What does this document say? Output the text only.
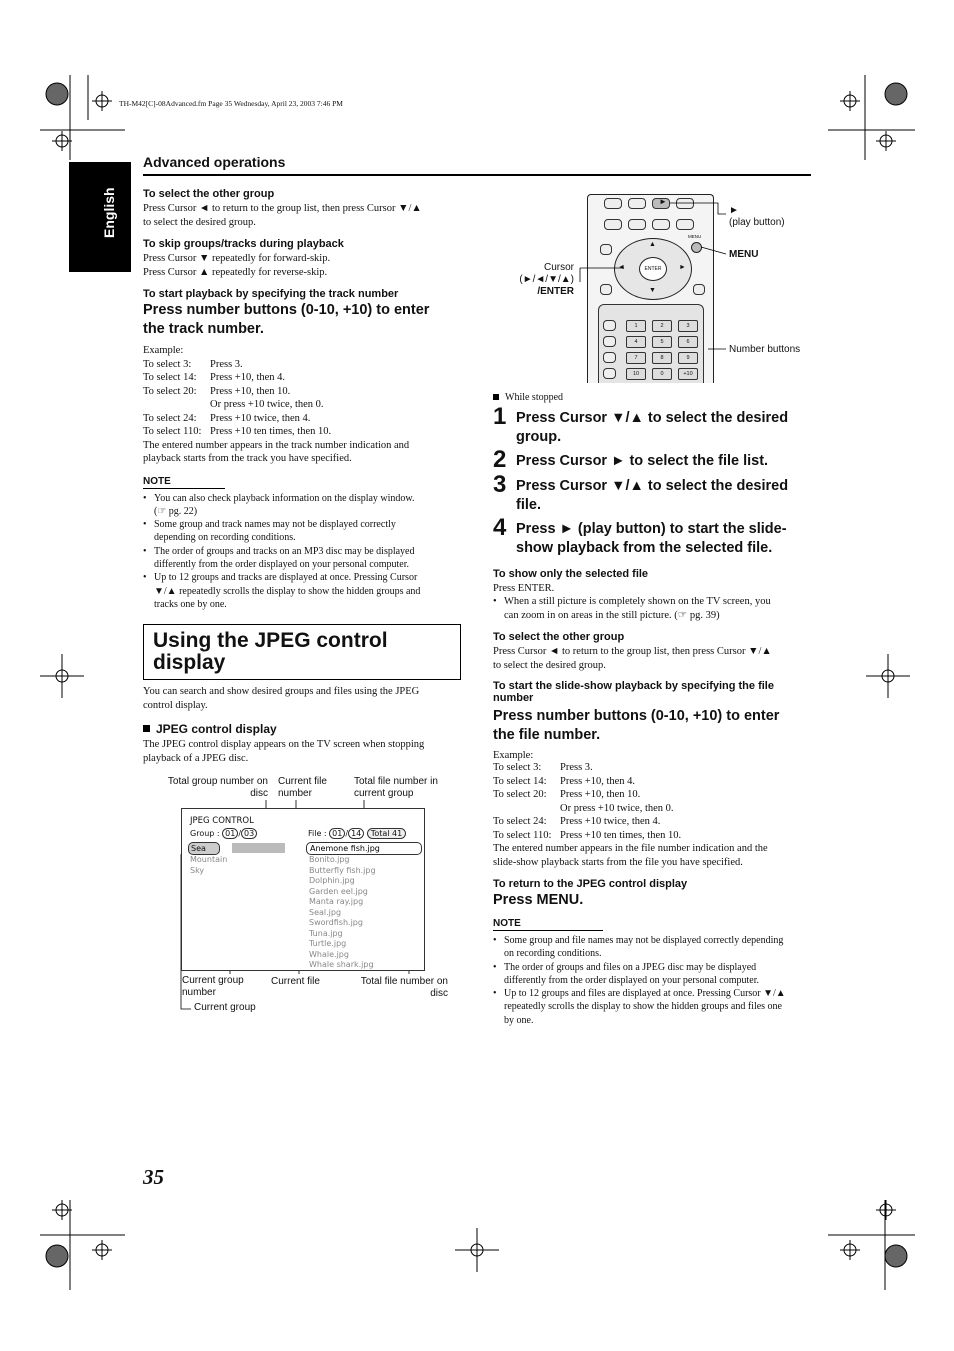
TH-M42[C]-08Advanced.fm Page 35 Wednesday, April 23, 2003 7:46 PM
English
Advanced operations
To select the other group
Press Cursor ◄ to return to the group list, then press Cursor ▼/▲
to select the desired group.
To skip groups/tracks during playback
Press Cursor ▼ repeatedly for forward-skip.
Press Cursor ▲ repeatedly for reverse-skip.
To start playback by specifying the track number
Press number buttons (0-10, +10) to enter
the track number.
Example:
To select 3: Press 3.
To select 14: Press +10, then 4.
To select 20: Press +10, then 10.
Or press +10 twice, then 0.
To select 24: Press +10 twice, then 4.
To select 110: Press +10 ten times, then 10.
The entered number appears in the track number indication and
playback starts from the track you have specified.
NOTE
• You can also check playback information on the display window.
(☞ pg. 22)
• Some group and track names may not be displayed correctly
depending on recording conditions.
• The order of groups and tracks on an MP3 disc may be displayed
differently from the order displayed on your personal computer.
• Up to 12 groups and tracks are displayed at once. Pressing Cursor
▼/▲ repeatedly scrolls the display to show the hidden groups and
tracks one by one.
Using the JPEG control
display
You can search and show desired groups and files using the JPEG
control display.
JPEG control display
The JPEG control display appears on the TV screen when stopping
playback of a JPEG disc.
Total group number on
disc
Current file
number
Total file number in
current group
JPEG CONTROL
Group : 01 / 03	File : 01 / 14 Total 41
Sea
Mountain
Sky
Anemone fish.jpg
Bonito.jpg
Butterfly fish.jpg
Dolphin.jpg
Garden eel.jpg
Manta ray.jpg
Seal.jpg
Swordfish.jpg
Tuna.jpg
Turtle.jpg
Whale.jpg
Whale shark.jpg
Current group
number
Current file	Total file number on
disc
Current group
►
ENTER
▲
▼
◄	►
MENU
1	2	3
4	5	6
7	8	9
10	0	+10
►
(play button)
MENU
Cursor
(►/◄/▼/▲)
/ENTER
Number buttons
While stopped
1 Press Cursor ▼/▲ to select the desired
group.
2 Press Cursor ► to select the file list.
3 Press Cursor ▼/▲ to select the desired
file.
4 Press ► (play button) to start the slide-
show playback from the selected file.
To show only the selected file
Press ENTER.
• When a still picture is completely shown on the TV screen, you
can zoom in on areas in the still picture. (☞ pg. 39)
To select the other group
Press Cursor ◄ to return to the group list, then press Cursor ▼/▲
to select the desired group.
To start the slide-show playback by specifying the file
number
Press number buttons (0-10, +10) to enter
the file number.
Example:
To select 3: Press 3.
To select 14: Press +10, then 4.
To select 20: Press +10, then 10.
Or press +10 twice, then 0.
To select 24: Press +10 twice, then 4.
To select 110: Press +10 ten times, then 10.
The entered number appears in the file number indication and the
slide-show playback starts from the file you have specified.
To return to the JPEG control display
Press MENU.
NOTE
• Some group and file names may not be displayed correctly depending
on recording conditions.
• The order of groups and files on a JPEG disc may be displayed
differently from the order displayed on your personal computer.
• Up to 12 groups and files are displayed at once. Pressing Cursor ▼/▲
repeatedly scrolls the display to show the hidden groups and files one
by one.
35
